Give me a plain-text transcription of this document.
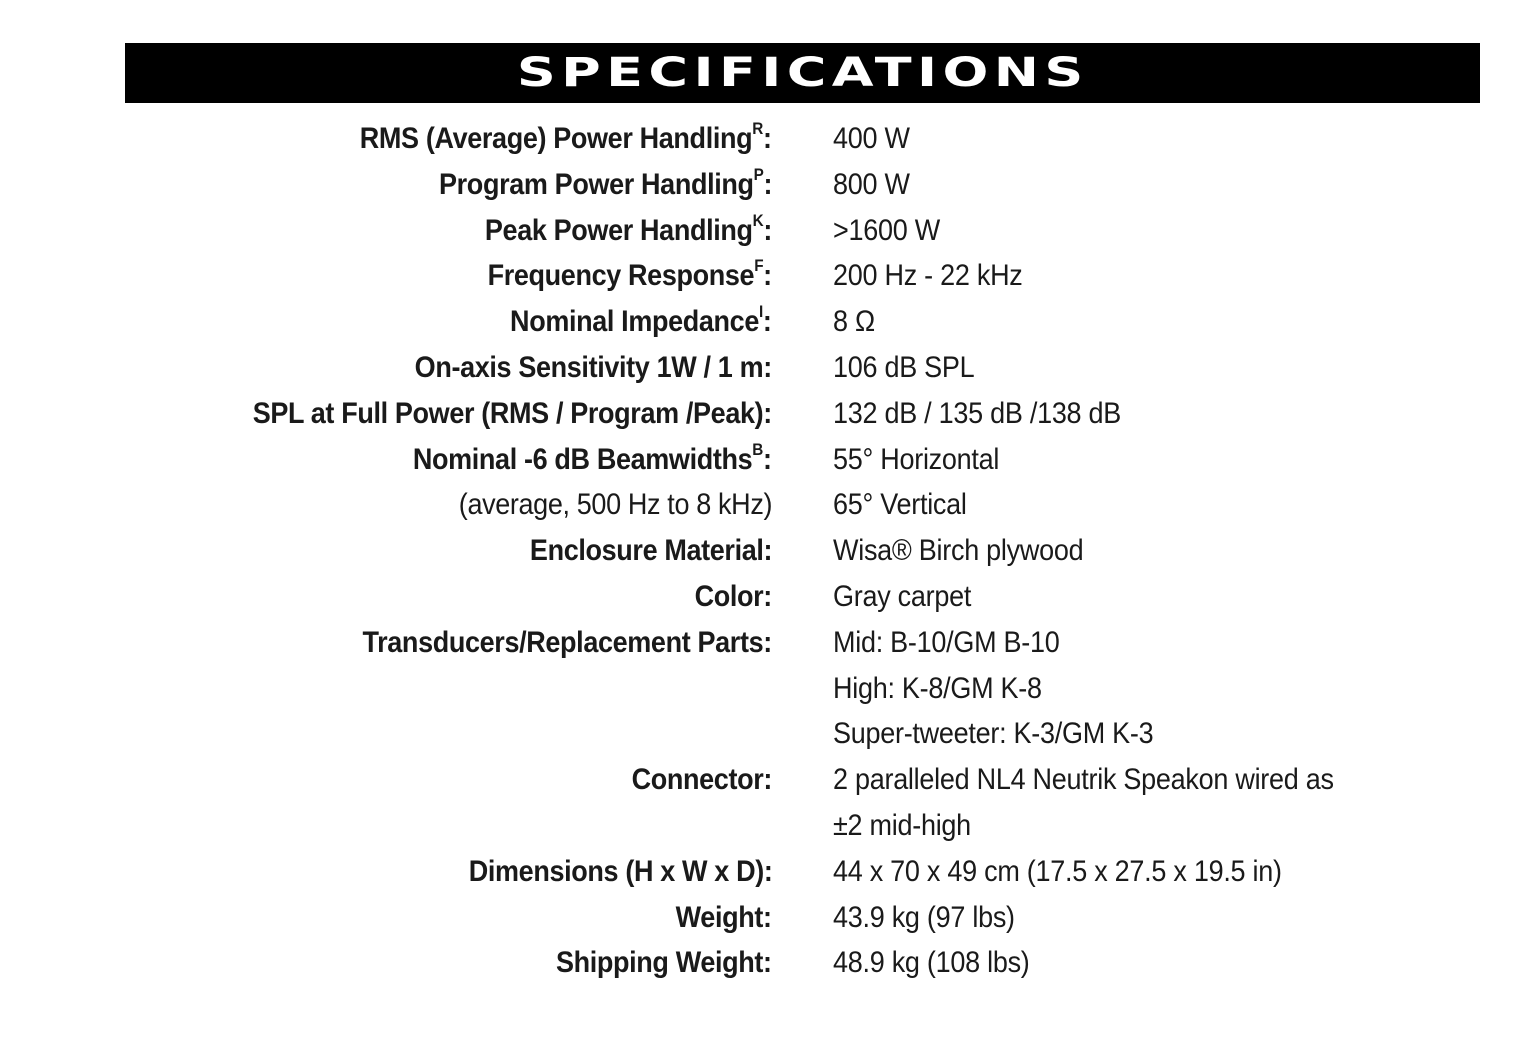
SPECIFICATIONS
RMS (Average) Power Handling$^R$: 400 W
Program Power Handling$^P$: 800 W
Peak Power Handling$^K$: >1600 W
Frequency Response$^F$: 200 Hz - 22 kHz
Nominal Impedance$^I$: 8 Ω
On-axis Sensitivity 1W / 1 m: 106 dB SPL
SPL at Full Power (RMS / Program /Peak): 132 dB / 135 dB /138 dB
Nominal -6 dB Beamwidths$^B$: 55° Horizontal
(average, 500 Hz to 8 kHz) 65° Vertical
Enclosure Material: Wisa® Birch plywood
Color: Gray carpet
Transducers/Replacement Parts: Mid: B-10/GM B-10
High: K-8/GM K-8
Super-tweeter: K-3/GM K-3
Connector: 2 paralleled NL4 Neutrik Speakon wired as
±2 mid-high
Dimensions (H x W x D): 44 x 70 x 49 cm (17.5 x 27.5 x 19.5 in)
Weight: 43.9 kg (97 lbs)
Shipping Weight: 48.9 kg (108 lbs)
